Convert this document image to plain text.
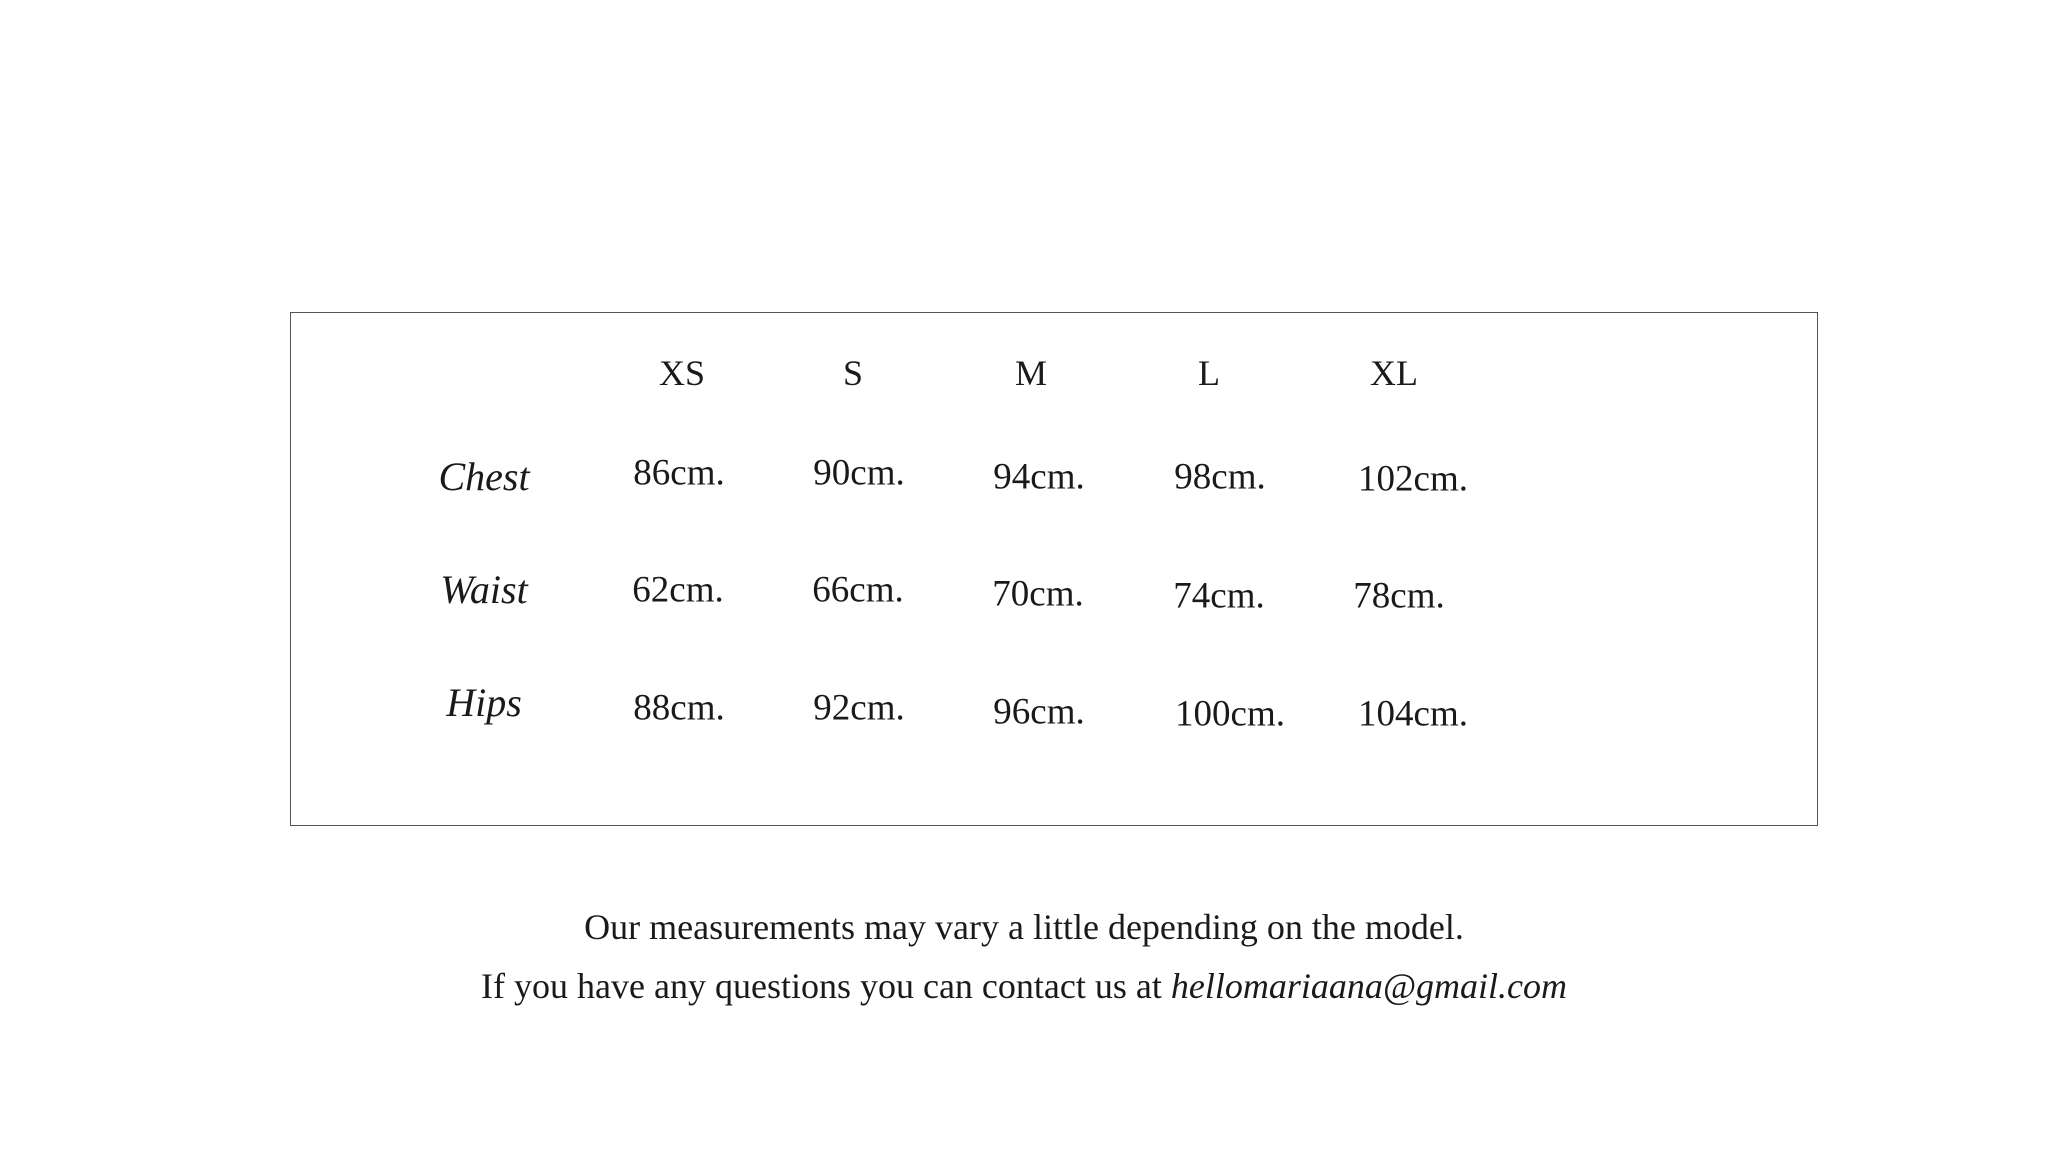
XS	S	M	L	XL
Chest	86cm. 90cm. 94cm. 98cm. 102cm.
Waist	62cm. 66cm. 70cm. 74cm. 78cm.
Hips	88cm. 92cm. 96cm. 100cm. 104cm.
Our measurements may vary a little depending on the model.
If you have any questions you can contact us at hellomariaana@gmail.com
